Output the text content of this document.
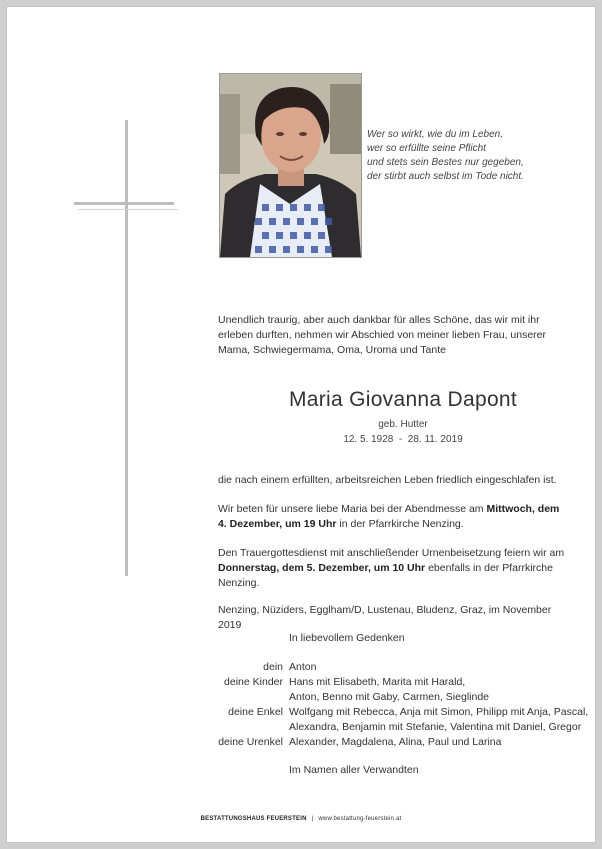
Wer so wirkt, wie du im Leben,
wer so erfüllte seine Pflicht
und stets sein Bestes nur gegeben,
der stirbt auch selbst im Tode nicht.
Unendlich traurig, aber auch dankbar für alles Schöne, das wir mit ihr erleben durften, nehmen wir Abschied von meiner lieben Frau, unserer Mama, Schwiegermama, Oma, Uroma und Tante
Maria Giovanna Dapont
geb. Hutter
12. 5. 1928  -  28. 11. 2019
die nach einem erfüllten, arbeitsreichen Leben friedlich eingeschlafen ist.
Wir beten für unsere liebe Maria bei der Abendmesse am Mittwoch, dem 4. Dezember, um 19 Uhr in der Pfarrkirche Nenzing.
Den Trauergottesdienst mit anschließender Urnenbeisetzung feiern wir am Donnerstag, dem 5. Dezember, um 10 Uhr ebenfalls in der Pfarrkirche Nenzing.
Nenzing, Nüziders, Egglham/D, Lustenau, Bludenz, Graz, im November 2019
In liebevollem Gedenken
dein Anton
deine Kinder Hans mit Elisabeth, Marita mit Harald,
Anton, Benno mit Gaby, Carmen, Sieglinde
deine Enkel Wolfgang mit Rebecca, Anja mit Simon, Philipp mit Anja, Pascal,
Alexandra, Benjamin mit Stefanie, Valentina mit Daniel, Gregor
deine Urenkel Alexander, Magdalena, Alina, Paul und Larina
Im Namen aller Verwandten
BESTATTUNGSHAUS FEUERSTEIN | www.bestattung-feuerstein.at
